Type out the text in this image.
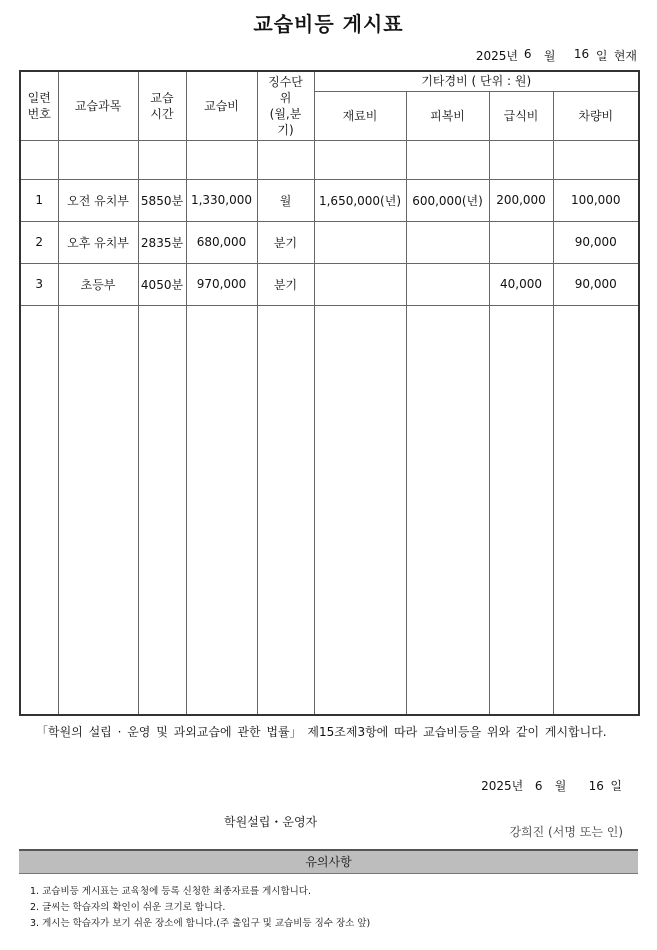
교습비등 게시표
2025년 6	월	16 일 현재
일련
번호	교습과목	교습
시간	교습비	징수단
위
(월,분
기)	기타경비 ( 단위 : 원)			
					재료비	피복비	급식비	차량비

1	오전 유치부	5850분	1,330,000	월	1,650,000(년)	600,000(년)	200,000	100,000
2	오후 유치부	2835분	680,000	분기				90,000
3	초등부	4050분	970,000	분기			40,000	90,000

「학원의 설립 · 운영 및 과외교습에 관한 법률」 제15조제3항에 따라 교습비등을 위와 같이 게시합니다.
2025년 6 월 16 일
학원설립・운영자
강희진 (서명 또는 인)
유의사항
1. 교습비등 게시표는 교육청에 등록 신청한 최종자료를 게시합니다.
2. 글씨는 학습자의 확인이 쉬운 크기로 합니다.
3. 게시는 학습자가 보기 쉬운 장소에 합니다.(주 출입구 및 교습비등 징수 장소 앞)
